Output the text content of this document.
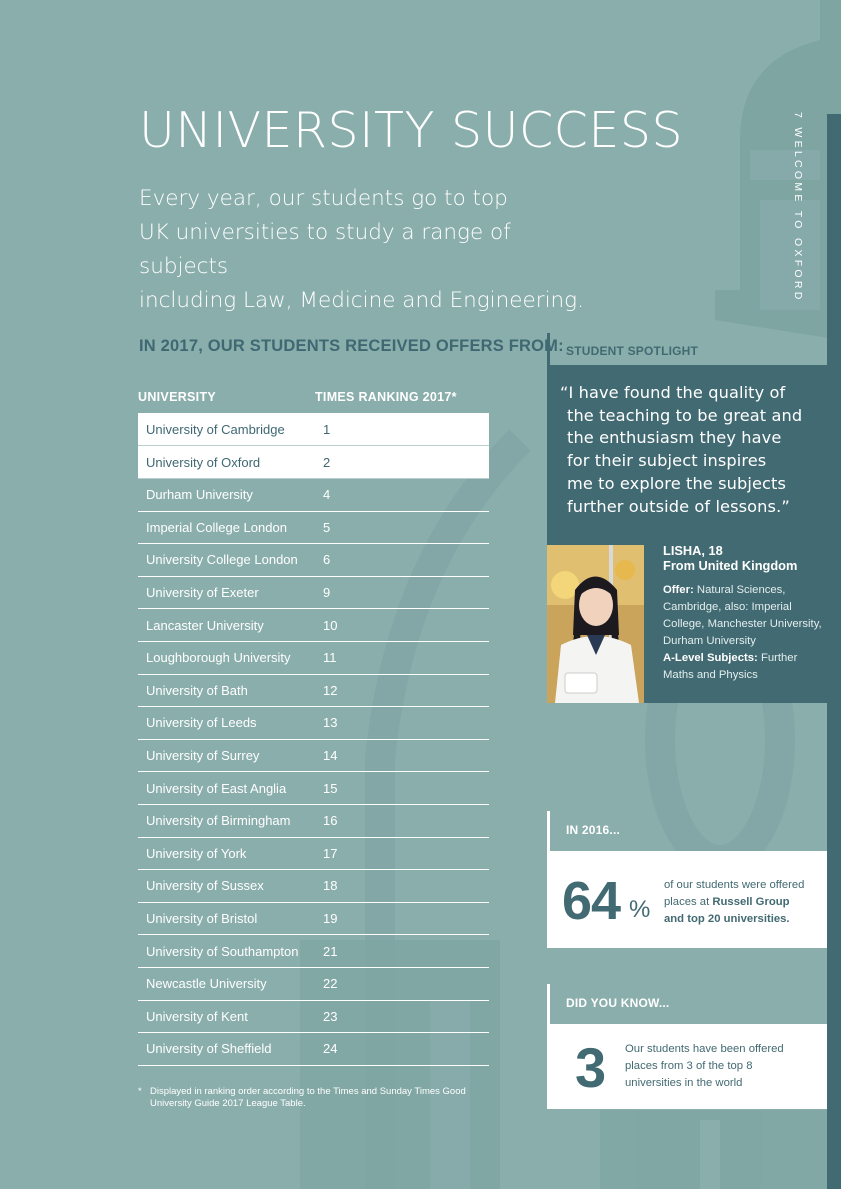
7 WELCOME TO OXFORD
UNIVERSITY SUCCESS
Every year, our students go to top
UK universities to study a range of subjects
including Law, Medicine and Engineering.
IN 2017, OUR STUDENTS RECEIVED OFFERS FROM:
UNIVERSITY	TIMES RANKING 2017*
University of Cambridge	1
University of Oxford	2
Durham University	4
Imperial College London	5
University College London	6
University of Exeter	9
Lancaster University	10
Loughborough University	11
University of Bath	12
University of Leeds	13
University of Surrey	14
University of East Anglia	15
University of Birmingham	16
University of York	17
University of Sussex	18
University of Bristol	19
University of Southampton	21
Newcastle University	22
University of Kent	23
University of Sheffield	24
* Displayed in ranking order according to the Times and Sunday Times Good University Guide 2017 League Table.
STUDENT SPOTLIGHT
“I have found the quality of
the teaching to be great and
the enthusiasm they have
for their subject inspires
me to explore the subjects
further outside of lessons.”
LISHA, 18
From United Kingdom
Offer: Natural Sciences, Cambridge, also: Imperial College, Manchester University, Durham University
A-Level Subjects: Further Maths and Physics
IN 2016...
64 %
of our students were offered places at Russell Group and top 20 universities.
DID YOU KNOW...
3 Our students have been offered places from 3 of the top 8 universities in the world
